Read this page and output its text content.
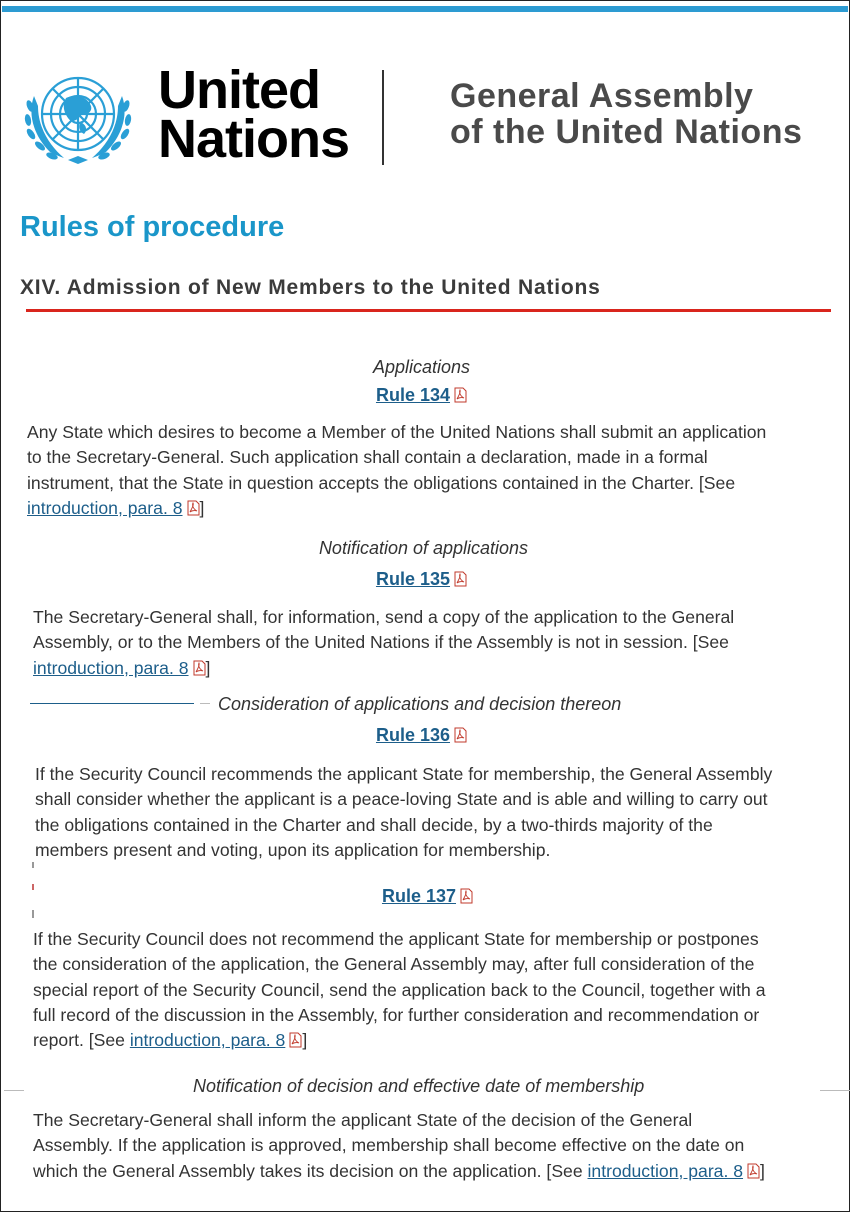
United
Nations
General Assembly
of the United Nations
Rules of procedure
XIV. Admission of New Members to the United Nations
Applications
Rule 134
Any State which desires to become a Member of the United Nations shall submit an application
to the Secretary-General. Such application shall contain a declaration, made in a formal
instrument, that the State in question accepts the obligations contained in the Charter. [See
introduction, para. 8 ]
Notification of applications
Rule 135
The Secretary-General shall, for information, send a copy of the application to the General
Assembly, or to the Members of the United Nations if the Assembly is not in session. [See
introduction, para. 8 ]
Consideration of applications and decision thereon
Rule 136
If the Security Council recommends the applicant State for membership, the General Assembly
shall consider whether the applicant is a peace-loving State and is able and willing to carry out
the obligations contained in the Charter and shall decide, by a two-thirds majority of the
members present and voting, upon its application for membership.
Rule 137
If the Security Council does not recommend the applicant State for membership or postpones
the consideration of the application, the General Assembly may, after full consideration of the
special report of the Security Council, send the application back to the Council, together with a
full record of the discussion in the Assembly, for further consideration and recommendation or
report. [See introduction, para. 8 ]
Notification of decision and effective date of membership
The Secretary-General shall inform the applicant State of the decision of the General
Assembly. If the application is approved, membership shall become effective on the date on
which the General Assembly takes its decision on the application. [See introduction, para. 8 ]
